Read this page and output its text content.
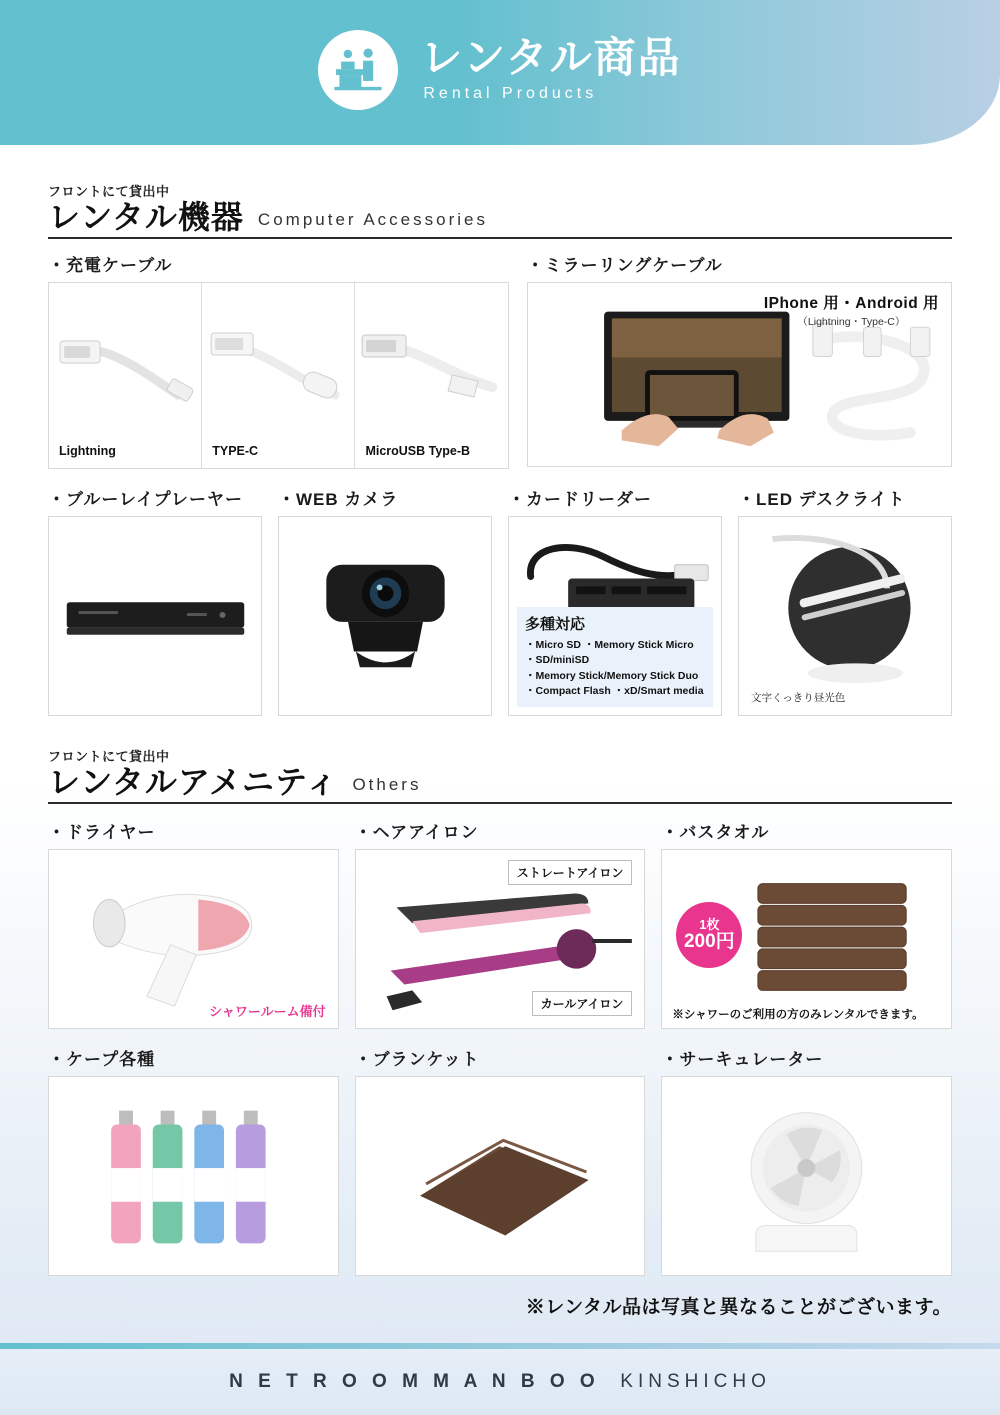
レンタル商品
Rental Products
フロントにて貸出中
レンタル機器 Computer Accessories
・充電ケーブル
Lightning	TYPE-C	MicroUSB Type-B
・ミラーリングケーブル
IPhone 用・Android 用
（Lightning・Type-C）
・ブルーレイプレーヤー	・WEB カメラ	・カードリーダー
多種対応
・Micro SD ・Memory Stick Micro
・SD/miniSD
・Memory Stick/Memory Stick Duo
・Compact Flash ・xD/Smart media
・LED デスクライト
文字くっきり昼光色
フロントにて貸出中
レンタルアメニティ Others
・ドライヤー
シャワールーム備付
・ヘアアイロン
ストレートアイロン
カールアイロン
・バスタオル
1枚
200円
※シャワーのご利用の方のみレンタルできます。
・ケープ各種	・ブランケット	・サーキュレーター
※レンタル品は写真と異なることがございます。
N E T R O O M M A N B O O
KINSHICHO
